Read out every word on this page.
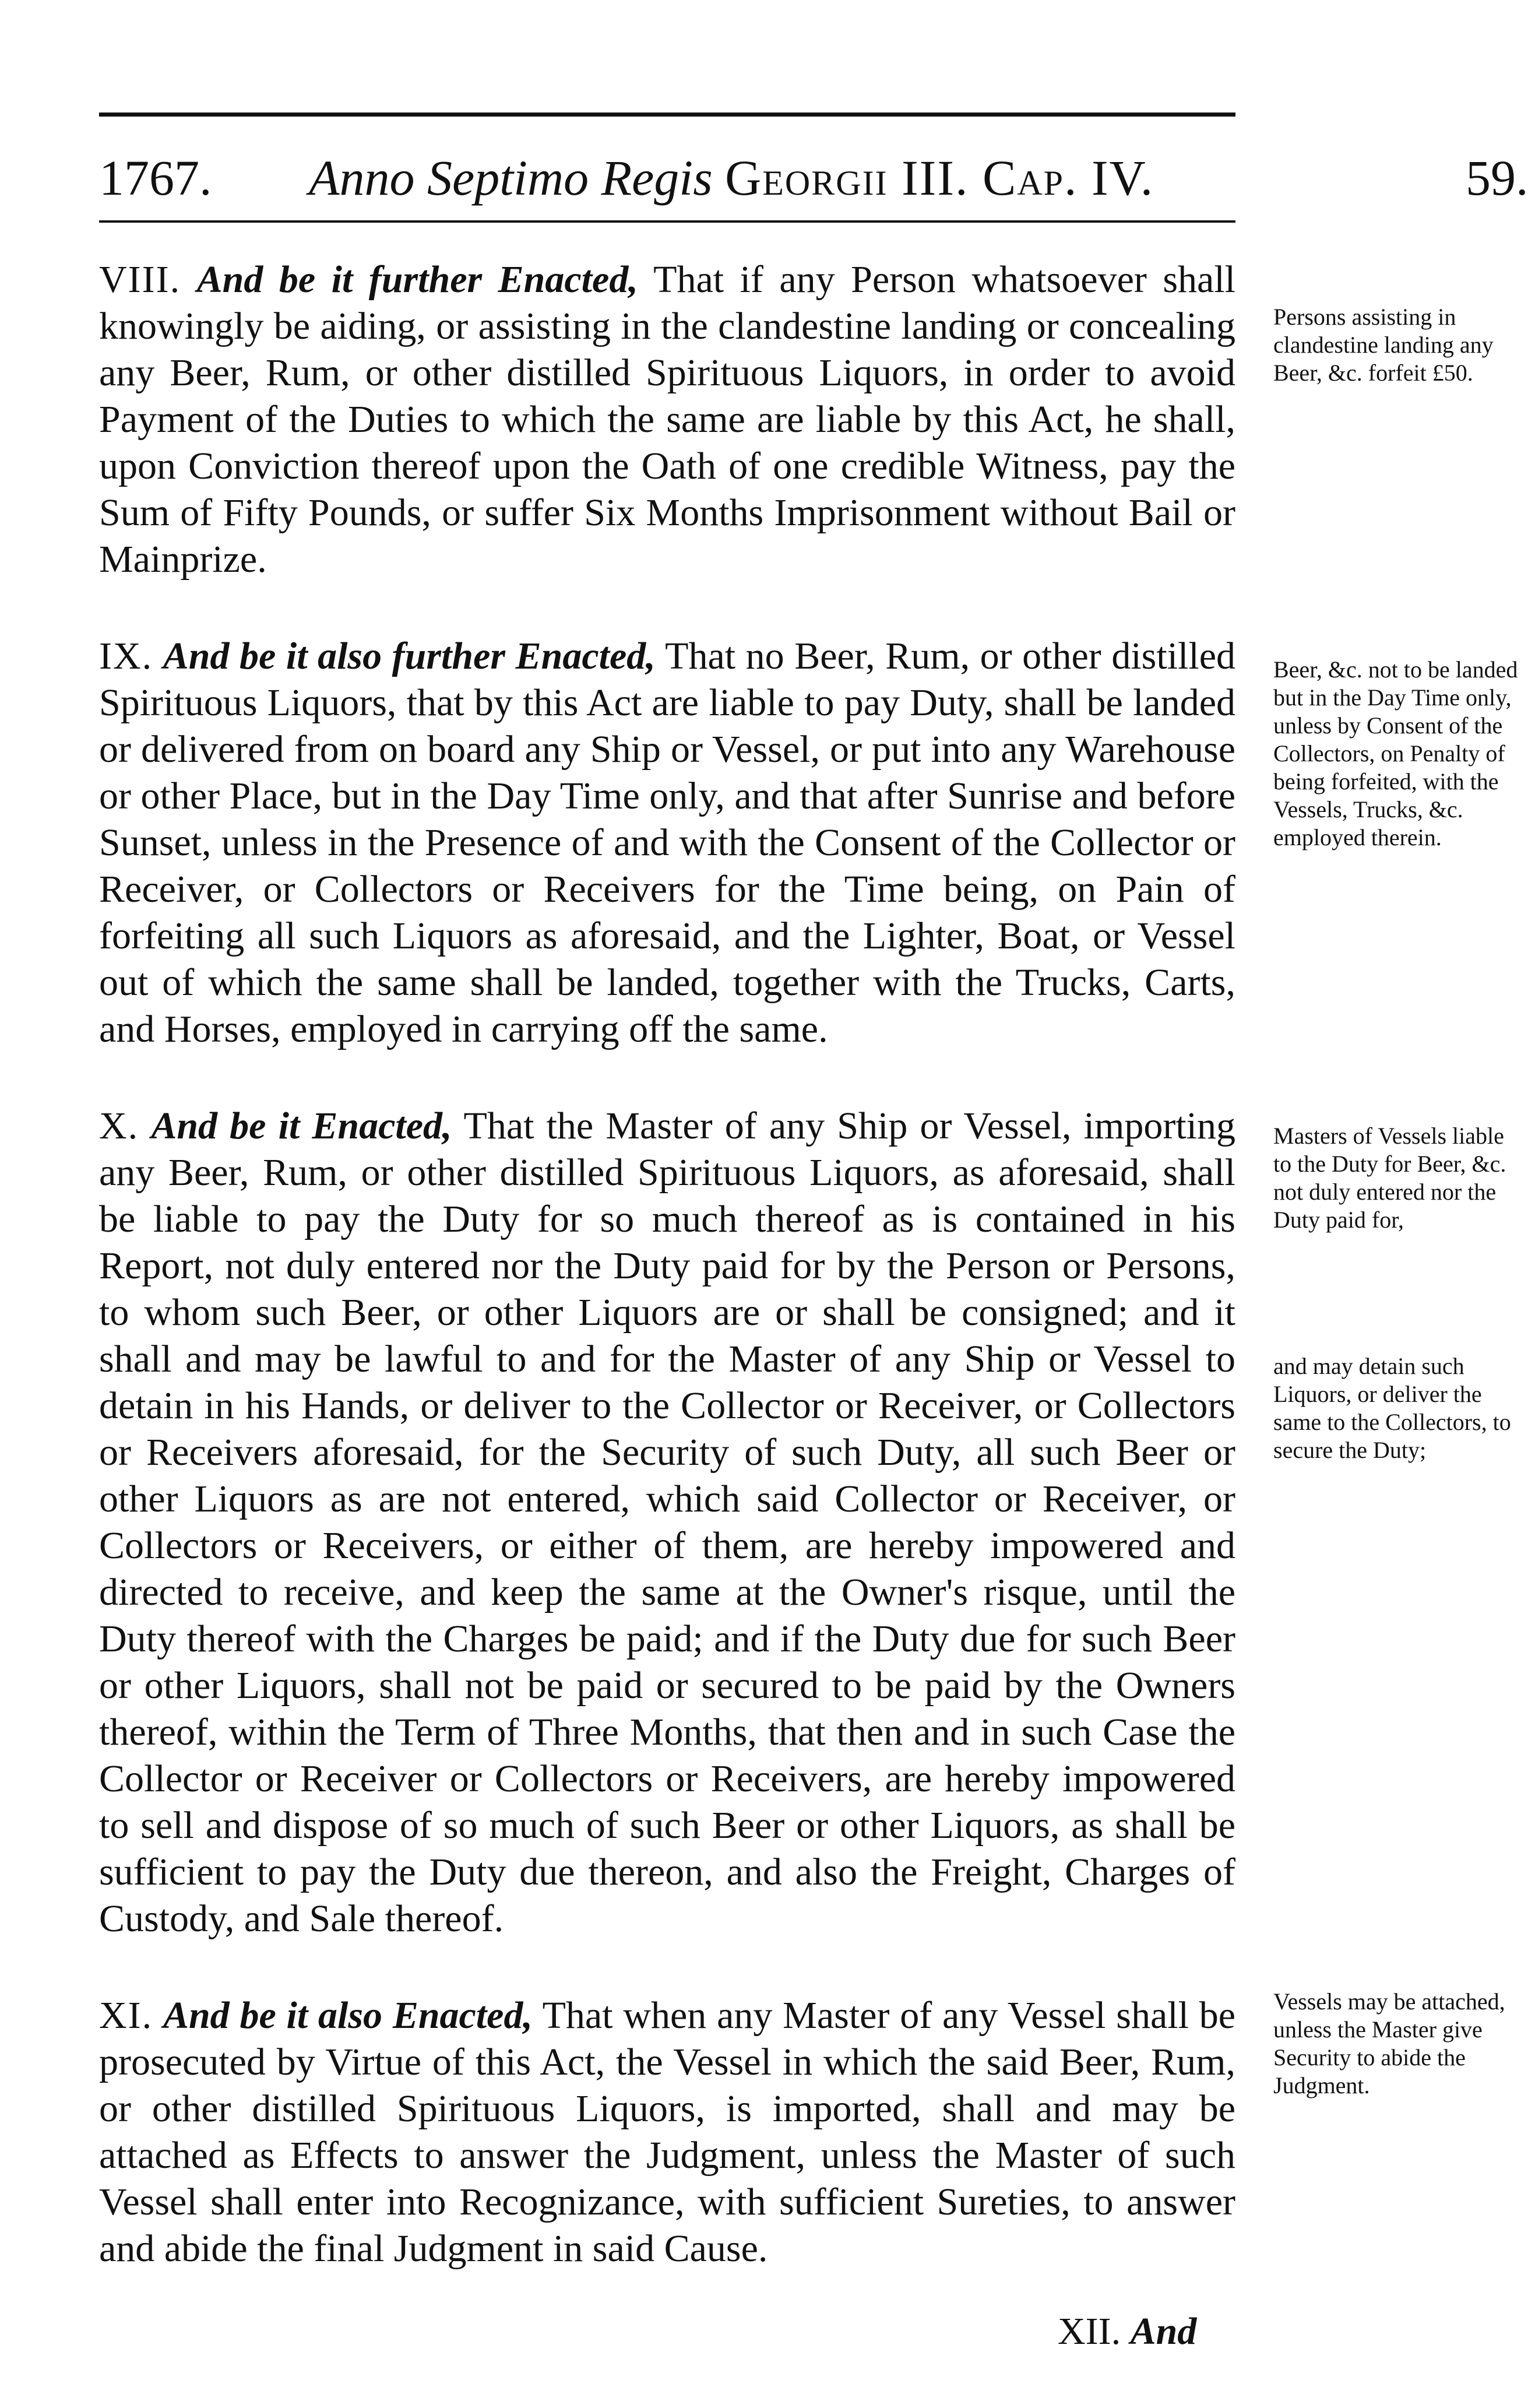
1767. Anno Septimo Regis Georgii III. Cap. IV.	59.

VIII. And be it further Enacted, That if any Person whatsoever shall knowingly be aiding, or assisting in the clandestine landing or concealing any Beer, Rum, or other distilled Spirituous Liquors, in order to avoid Payment of the Duties to which the same are liable by this Act, he shall, upon Conviction thereof upon the Oath of one credible Witness, pay the Sum of Fifty Pounds, or suffer Six Months Imprisonment without Bail or Mainprize.

IX. And be it also further Enacted, That no Beer, Rum, or other distilled Spirituous Liquors, that by this Act are liable to pay Duty, shall be landed or delivered from on board any Ship or Vessel, or put into any Warehouse or other Place, but in the Day Time only, and that after Sunrise and before Sunset, unless in the Presence of and with the Consent of the Collector or Receiver, or Collectors or Receivers for the Time being, on Pain of forfeiting all such Liquors as aforesaid, and the Lighter, Boat, or Vessel out of which the same shall be landed, together with the Trucks, Carts, and Horses, employed in carrying off the same.

X. And be it Enacted, That the Master of any Ship or Vessel, importing any Beer, Rum, or other distilled Spirituous Liquors, as aforesaid, shall be liable to pay the Duty for so much thereof as is contained in his Report, not duly entered nor the Duty paid for by the Person or Persons, to whom such Beer, or other Liquors are or shall be consigned; and it shall and may be lawful to and for the Master of any Ship or Vessel to detain in his Hands, or deliver to the Collector or Receiver, or Collectors or Receivers aforesaid, for the Security of such Duty, all such Beer or other Liquors as are not entered, which said Collector or Receiver, or Collectors or Receivers, or either of them, are hereby impowered and directed to receive, and keep the same at the Owner's risque, until the Duty thereof with the Charges be paid; and if the Duty due for such Beer or other Liquors, shall not be paid or secured to be paid by the Owners thereof, within the Term of Three Months, that then and in such Case the Collector or Receiver or Collectors or Receivers, are hereby impowered to sell and dispose of so much of such Beer or other Liquors, as shall be sufficient to pay the Duty due thereon, and also the Freight, Charges of Custody, and Sale thereof.

XI. And be it also Enacted, That when any Master of any Vessel shall be prosecuted by Virtue of this Act, the Vessel in which the said Beer, Rum, or other distilled Spirituous Liquors, is imported, shall and may be attached as Effects to answer the Judgment, unless the Master of such Vessel shall enter into Recognizance, with sufficient Sureties, to answer and abide the final Judgment in said Cause.

Persons assisting in clandestine landing any Beer, &c. forfeit £50.
Beer, &c. not to be landed but in the Day Time only, unless by Consent of the Collectors, on Penalty of being forfeited, with the Vessels, Trucks, &c. employed therein.
Masters of Vessels liable to the Duty for Beer, &c. not duly entered nor the Duty paid for,
and may detain such Liquors, or deliver the same to the Collectors, to secure the Duty;
Vessels may be attached, unless the Master give Security to abide the Judgment.
XII. And
